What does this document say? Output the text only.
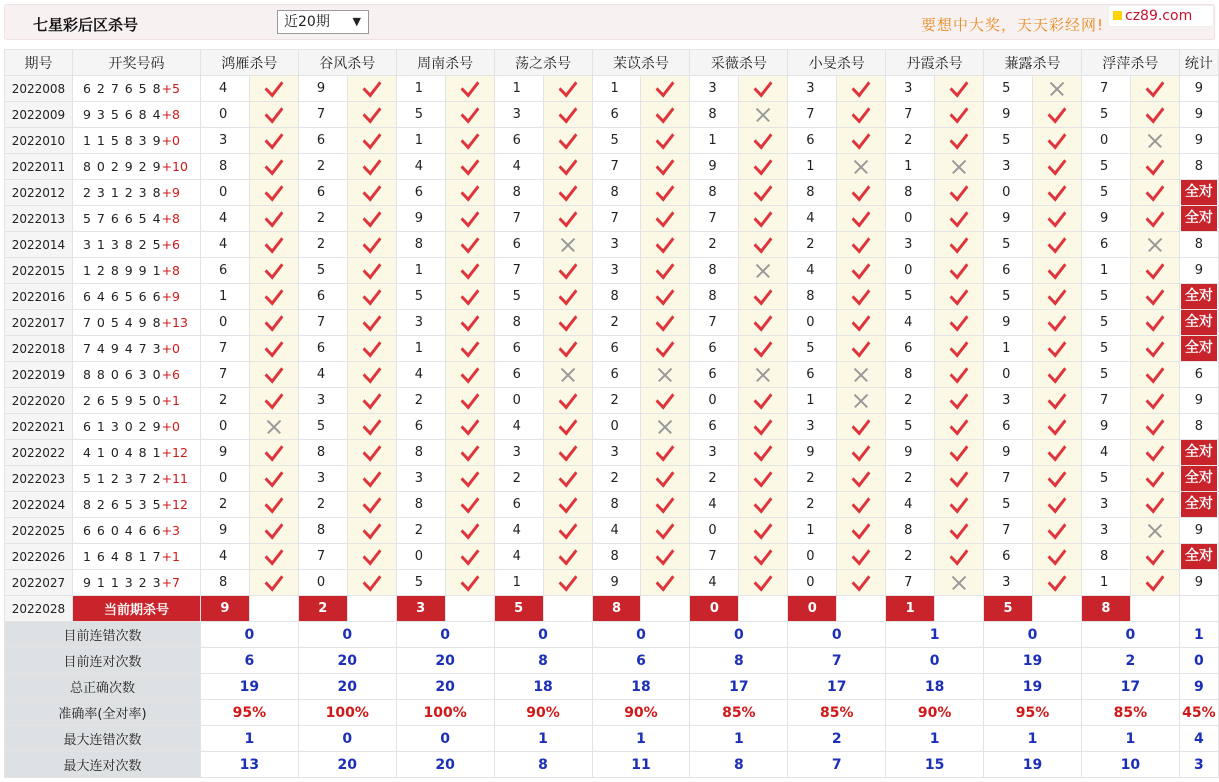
七星彩后区杀号	近20期 ▼	要想中大奖，天天彩经网!	cz89.com
期号	开奖号码	鸿雁杀号		谷风杀号		周南杀号		荡之杀号		茉苡杀号		采薇杀号		小旻杀号		丹霞杀号		蒹露杀号		浮萍杀号		统计
2022008	6 2 7 6 5 8+5	4		9		1		1		1		3		3		3		5		7		9
2022009	9 3 5 6 8 4+8	0		7		5		3		6		8		7		7		9		5		9
2022010	1 1 5 8 3 9+0	3		6		1		6		5		1		6		2		5		0		9
2022011	8 0 2 9 2 9+10	8		2		4		4		7		9		1		1		3		5		8
2022012	2 3 1 2 3 8+9	0		6		6		8		8		8		8		8		0		5		全对

2022013	5 7 6 6 5 4+8	4		2		9		7		7		7		4		0		9		9		全对

2022014	3 1 3 8 2 5+6	4		2		8		6		3		2		2		3		5		6		8
2022015	1 2 8 9 9 1+8	6		5		1		7		3		8		4		0		6		1		9
2022016	6 4 6 5 6 6+9	1		6		5		5		8		8		8		5		5		5		全对

2022017	7 0 5 4 9 8+13	0		7		3		8		2		7		0		4		9		5		全对

2022018	7 4 9 4 7 3+0	7		6		1		6		6		6		5		6		1		5		全对

2022019	8 8 0 6 3 0+6	7		4		4		6		6		6		6		8		0		5		6
2022020	2 6 5 9 5 0+1	2		3		2		0		2		0		1		2		3		7		9
2022021	6 1 3 0 2 9+0	0		5		6		4		0		6		3		5		6		9		8
2022022	4 1 0 4 8 1+12	9		8		8		3		3		3		9		9		9		4		全对

2022023	5 1 2 3 7 2+11	0		3		3		2		2		2		2		2		7		5		全对

2022024	8 2 6 5 3 5+12	2		2		8		6		8		4		2		4		5		3		全对

2022025	6 6 0 4 6 6+3	9		8		2		4		4		0		1		8		7		3		9
2022026	1 6 4 8 1 7+1	4		7		0		4		8		7		0		2		6		8		全对

2022027	9 1 1 3 2 3+7	8		0		5		1		9		4		0		7		3		1		9
2022028	当前期杀号	9		2		3		5		8		0		0		1		5		8		
目前连错次数		0		0		0		0		0		0		0		1		0		0		1
目前连对次数		6		20		20		8		6		8		7		0		19		2		0
总正确次数		19		20		20		18		18		17		17		18		19		17		9
准确率(全对率)		95%		100%		100%		90%		90%		85%		85%		90%		95%		85%		45%
最大连错次数		1		0		0		1		1		1		2		1		1		1		4
最大连对次数		13		20		20		8		11		8		7		15		19		10		3
